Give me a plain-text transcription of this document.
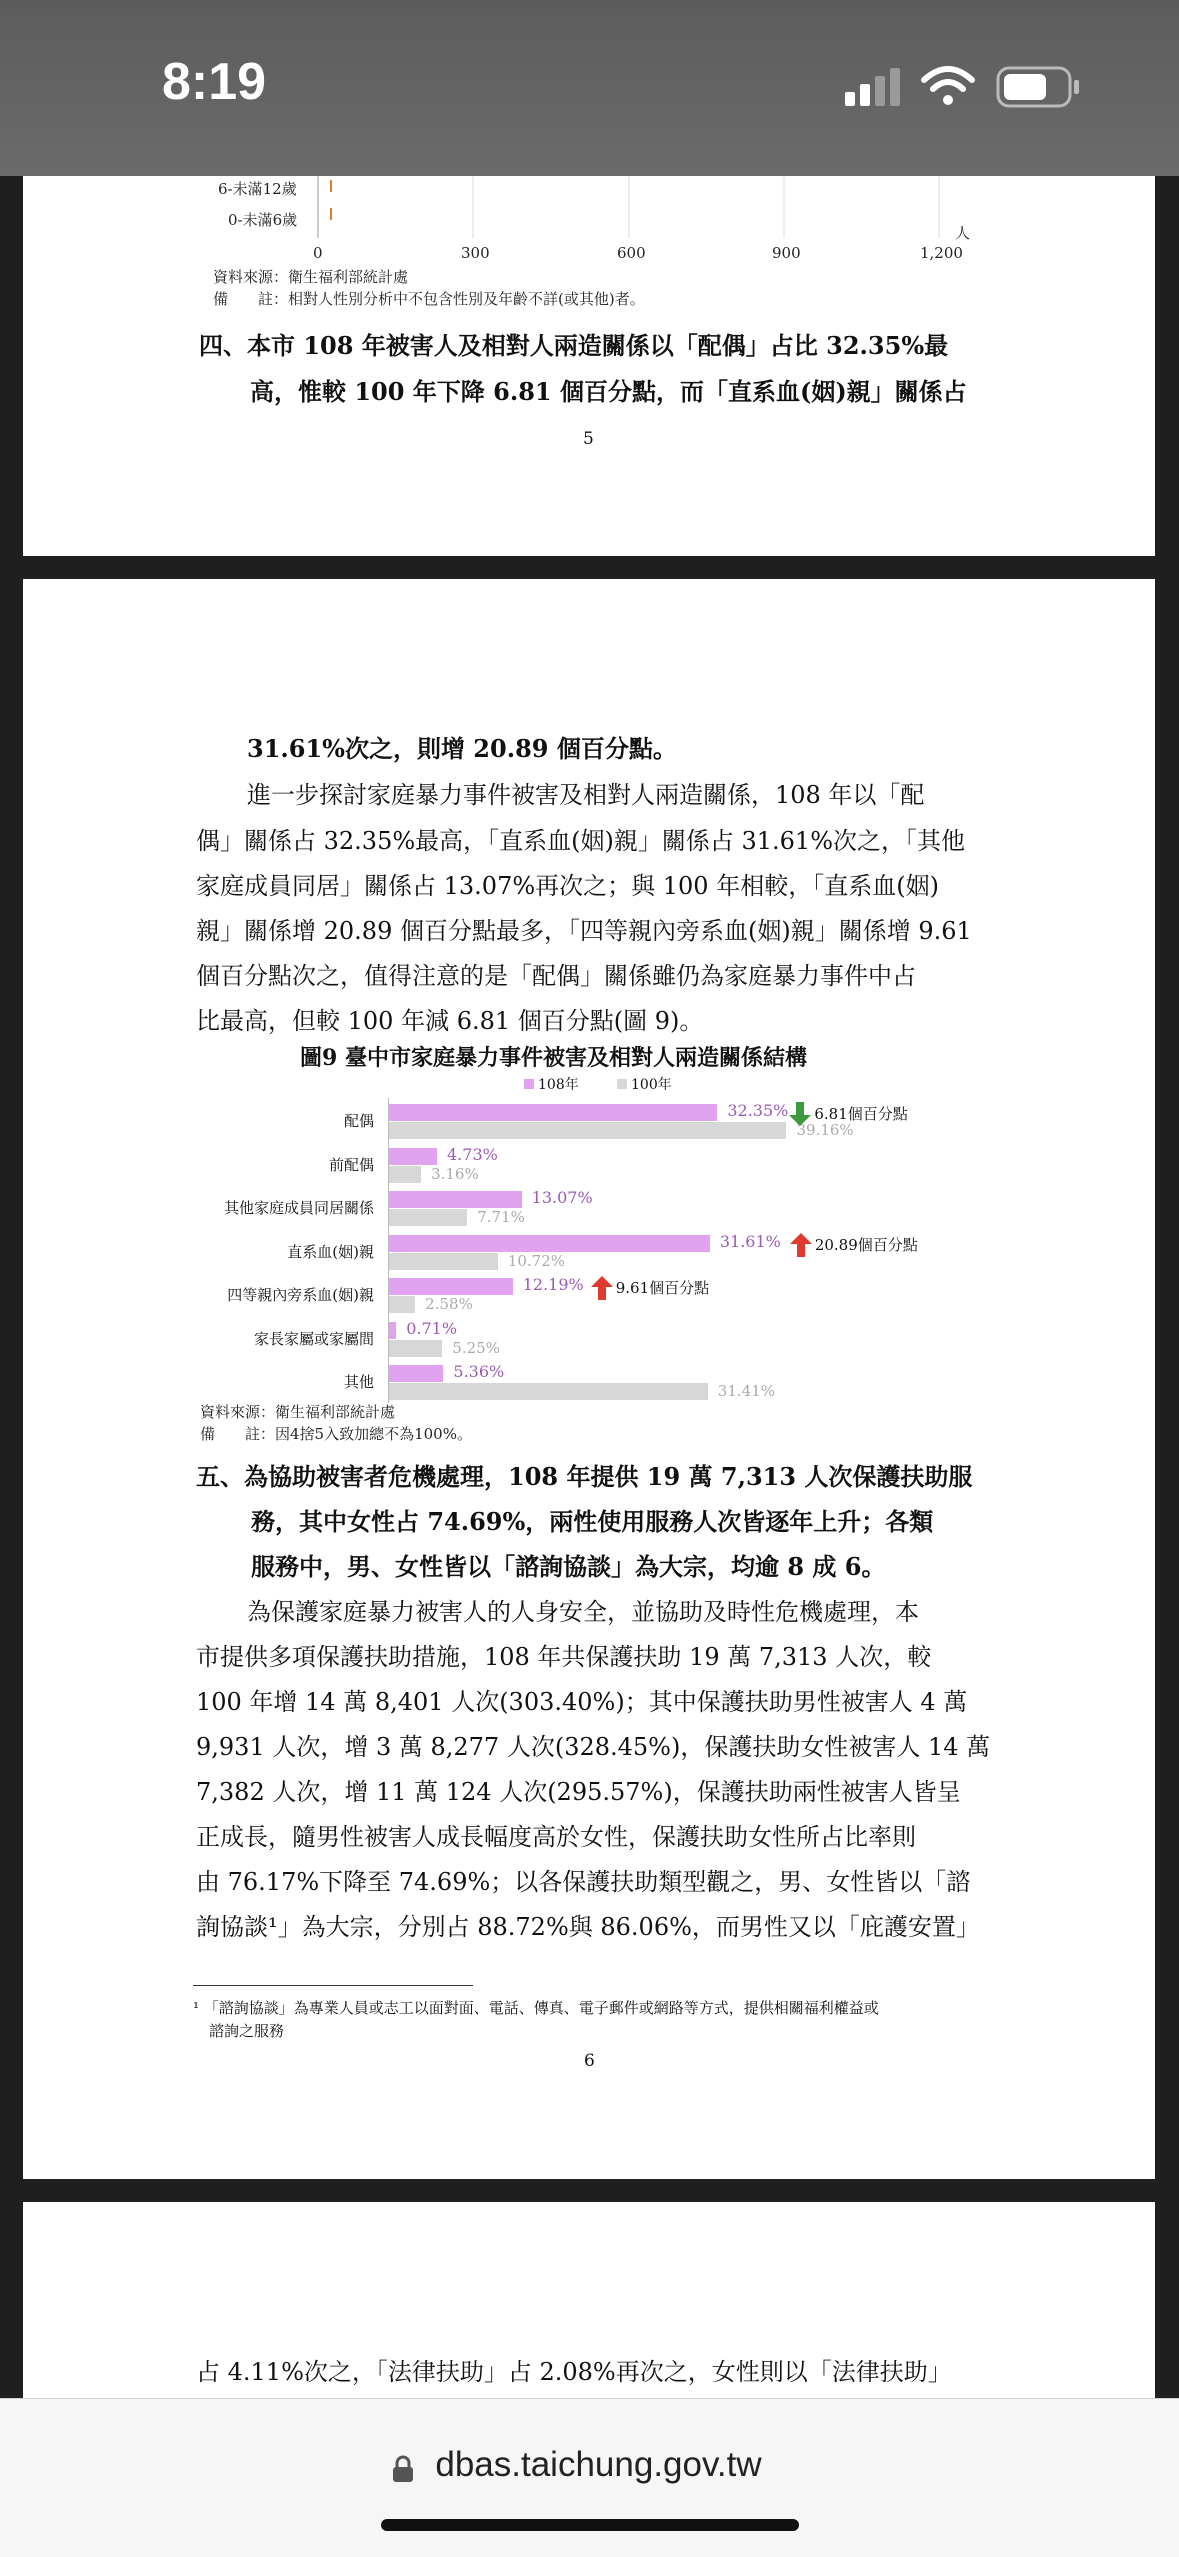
8:19
6-未滿12歲
0-未滿6歲
0	300	600	900	1,200
人
資料來源：衛生福利部統計處
備　　註：相對人性別分析中不包含性別及年齡不詳(或其他)者。
四、本市 108 年被害人及相對人兩造關係以「配偶」占比 32.35%最
高，惟較 100 年下降 6.81 個百分點，而「直系血(姻)親」關係占
5
31.61%次之，則增 20.89 個百分點。
進一步探討家庭暴力事件被害及相對人兩造關係，108 年以「配
偶」關係占 32.35%最高，「直系血(姻)親」關係占 31.61%次之，「其他
家庭成員同居」關係占 13.07%再次之；與 100 年相較，「直系血(姻)
親」關係增 20.89 個百分點最多，「四等親內旁系血(姻)親」關係增 9.61
個百分點次之，值得注意的是「配偶」關係雖仍為家庭暴力事件中占
比最高，但較 100 年減 6.81 個百分點(圖 9)。
圖9 臺中市家庭暴力事件被害及相對人兩造關係結構
108年	100年
配偶
32.35%
39.16%
前配偶
4.73%
3.16%
其他家庭成員同居關係
13.07%
7.71%
直系血(姻)親
31.61%
10.72%
四等親內旁系血(姻)親
12.19%
2.58%
家長家屬或家屬間
0.71%
5.25%
其他
5.36%
31.41%
6.81個百分點
20.89個百分點
9.61個百分點
資料來源：衛生福利部統計處
備　　註：因4捨5入致加總不為100%。
五、為協助被害者危機處理，108 年提供 19 萬 7,313 人次保護扶助服
務，其中女性占 74.69%，兩性使用服務人次皆逐年上升；各類
服務中，男、女性皆以「諮詢協談」為大宗，均逾 8 成 6。
為保護家庭暴力被害人的人身安全，並協助及時性危機處理，本
市提供多項保護扶助措施，108 年共保護扶助 19 萬 7,313 人次，較
100 年增 14 萬 8,401 人次(303.40%)；其中保護扶助男性被害人 4 萬
9,931 人次，增 3 萬 8,277 人次(328.45%)，保護扶助女性被害人 14 萬
7,382 人次，增 11 萬 124 人次(295.57%)，保護扶助兩性被害人皆呈
正成長，隨男性被害人成長幅度高於女性，保護扶助女性所占比率則
由 76.17%下降至 74.69%；以各保護扶助類型觀之，男、女性皆以「諮
詢協談¹」為大宗，分別占 88.72%與 86.06%，而男性又以「庇護安置」
¹ 「諮詢協談」為專業人員或志工以面對面、電話、傳真、電子郵件或網路等方式，提供相關福利權益或
諮詢之服務
6
占 4.11%次之，「法律扶助」占 2.08%再次之，女性則以「法律扶助」
dbas.taichung.gov.tw
